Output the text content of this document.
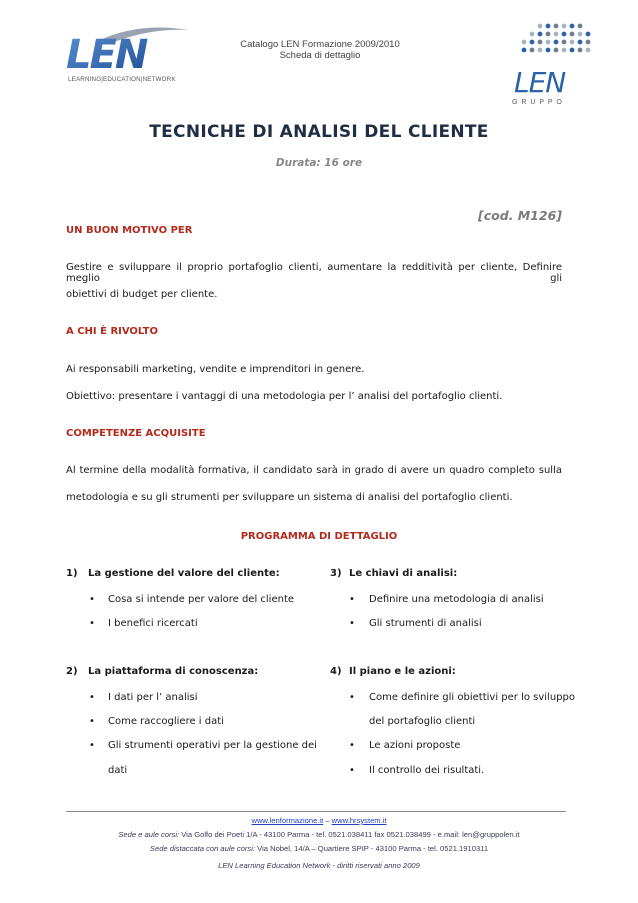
LEN
LEARNING|EDUCATION|NETWORK
Catalogo LEN Formazione 2009/2010
Scheda di dettaglio
LEN
G R U P P O
TECNICHE DI ANALISI DEL CLIENTE
Durata: 16 ore
[cod. M126]
UN BUON MOTIVO PER
Gestire e sviluppare il proprio portafoglio clienti, aumentare la redditività per cliente, Definire meglio gli
obiettivi di budget per cliente.
A CHI È RIVOLTO
Ai responsabili marketing, vendite e imprenditori in genere.
Obiettivo: presentare i vantaggi di una metodologia per l’ analisi del portafoglio clienti.
COMPETENZE ACQUISITE
Al termine della modalità formativa, il candidato sarà in grado di avere un quadro completo sulla
metodologia e su gli strumenti per sviluppare un sistema di analisi del portafoglio clienti.
PROGRAMMA DI DETTAGLIO
1) La gestione del valore del cliente:
• Cosa si intende per valore del cliente
• I benefici ricercati
2) La piattaforma di conoscenza:
• I dati per l’ analisi
• Come raccogliere i dati
• Gli strumenti operativi per la gestione dei
dati
3) Le chiavi di analisi:
• Definire una metodologia di analisi
• Gli strumenti di analisi
4) Il piano e le azioni:
• Come definire gli obiettivi per lo sviluppo
del portafoglio clienti
• Le azioni proposte
• Il controllo dei risultati.
www.lenformazione.it – www.hrsystem.it
Sede e aule corsi: Via Golfo dei Poeti 1/A - 43100 Parma - tel. 0521.038411 fax 0521.038499 - e.mail: len@gruppolen.it
Sede distaccata con aule corsi: Via Nobel, 14/A – Quartiere SPIP - 43100 Parma - tel. 0521.1910311
LEN Learning Education Network - diritti riservati anno 2009
